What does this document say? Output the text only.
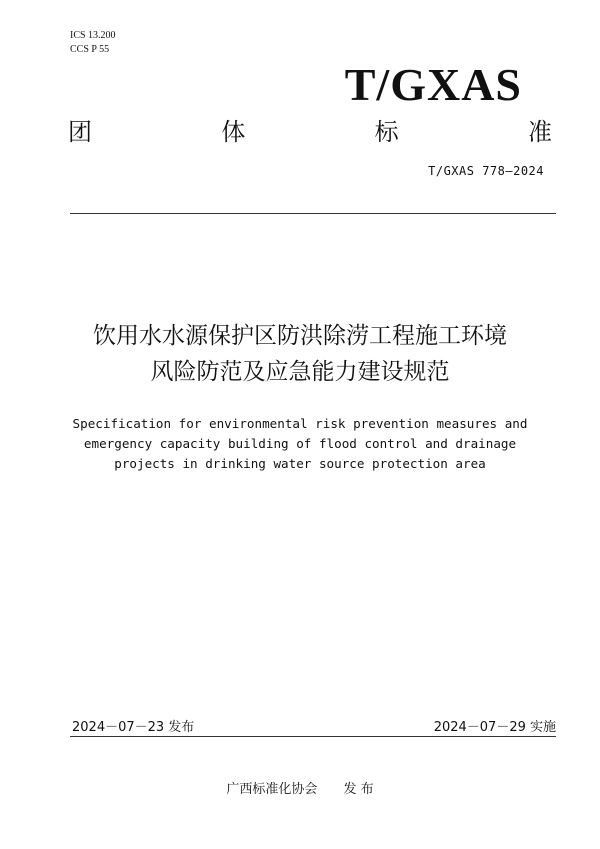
ICS 13.200
CCS P 55
T/GXAS
团	体	标	准
T/GXAS 778—2024
饮用水水源保护区防洪除涝工程施工环境
风险防范及应急能力建设规范
Specification for environmental risk prevention measures and
emergency capacity building of flood control and drainage
projects in drinking water source protection area
2024－07－23 发布	2024－07－29 实施
广西标准化协会 发 布
